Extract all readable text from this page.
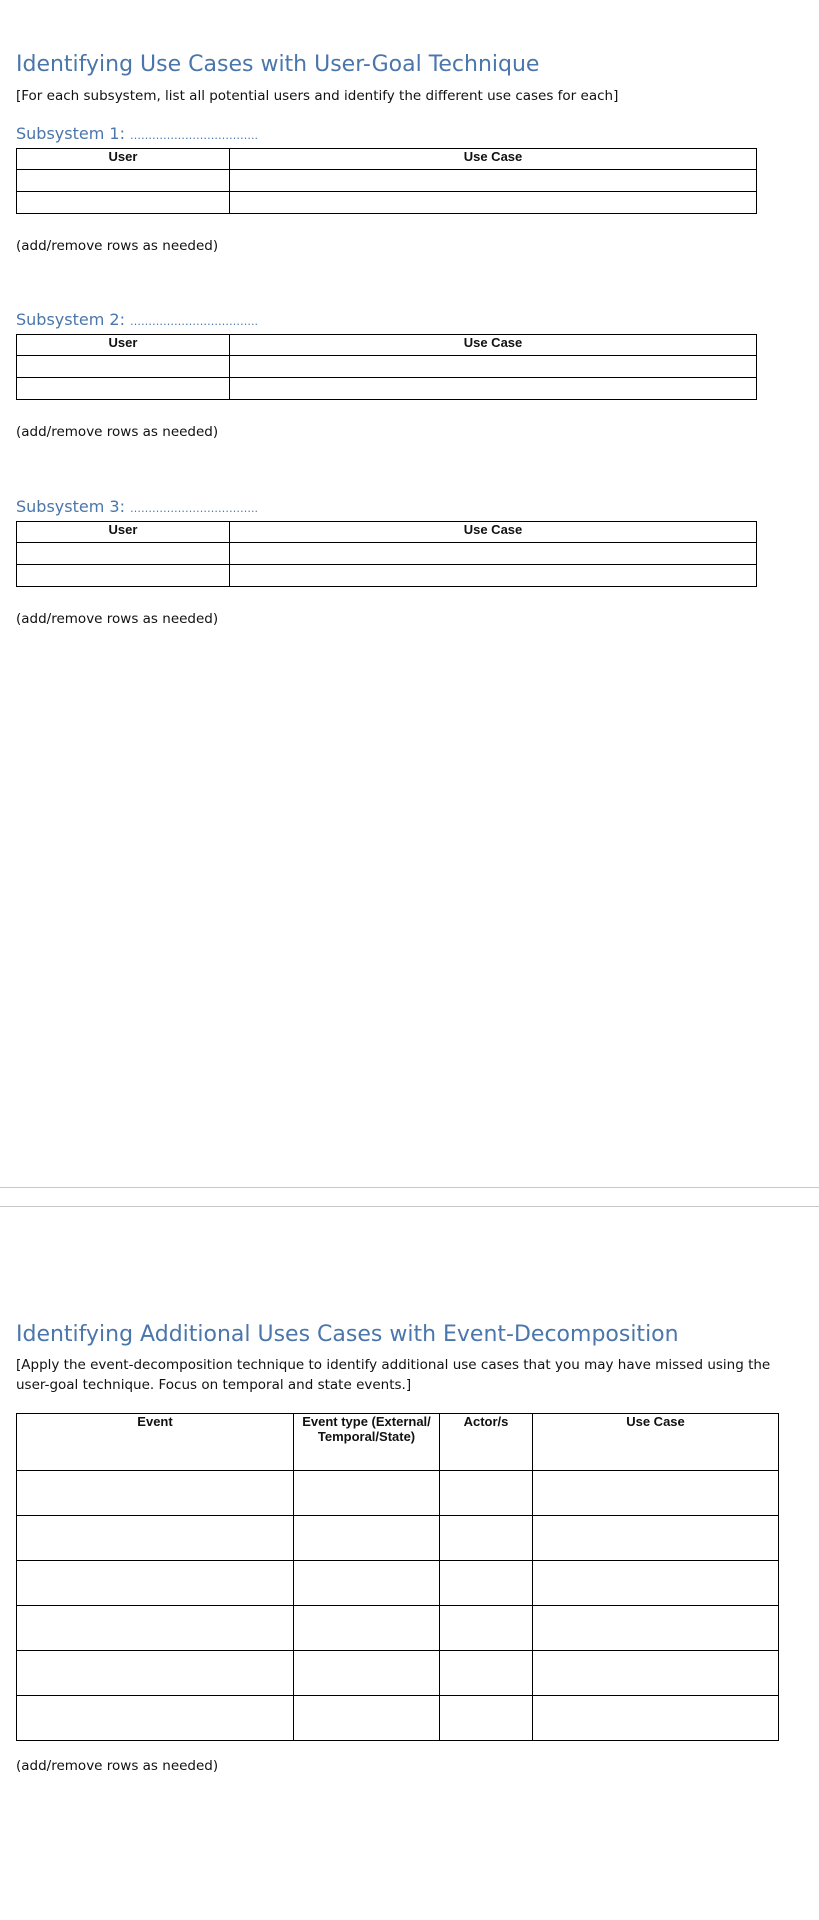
Identifying Use Cases with User-Goal Technique
[For each subsystem, list all potential users and identify the different use cases for each]
Subsystem 1: ……………………………..
User	Use Case

(add/remove rows as needed)
Subsystem 2: ……………………………..
User	Use Case

(add/remove rows as needed)
Subsystem 3: ……………………………..
User	Use Case

(add/remove rows as needed)
Identifying Additional Uses Cases with Event-Decomposition
[Apply the event-decomposition technique to identify additional use cases that you may have missed using the user-goal technique. Focus on temporal and state events.]
Event	Event type (External/ Temporal/State)	Actor/s	Use Case

(add/remove rows as needed)
